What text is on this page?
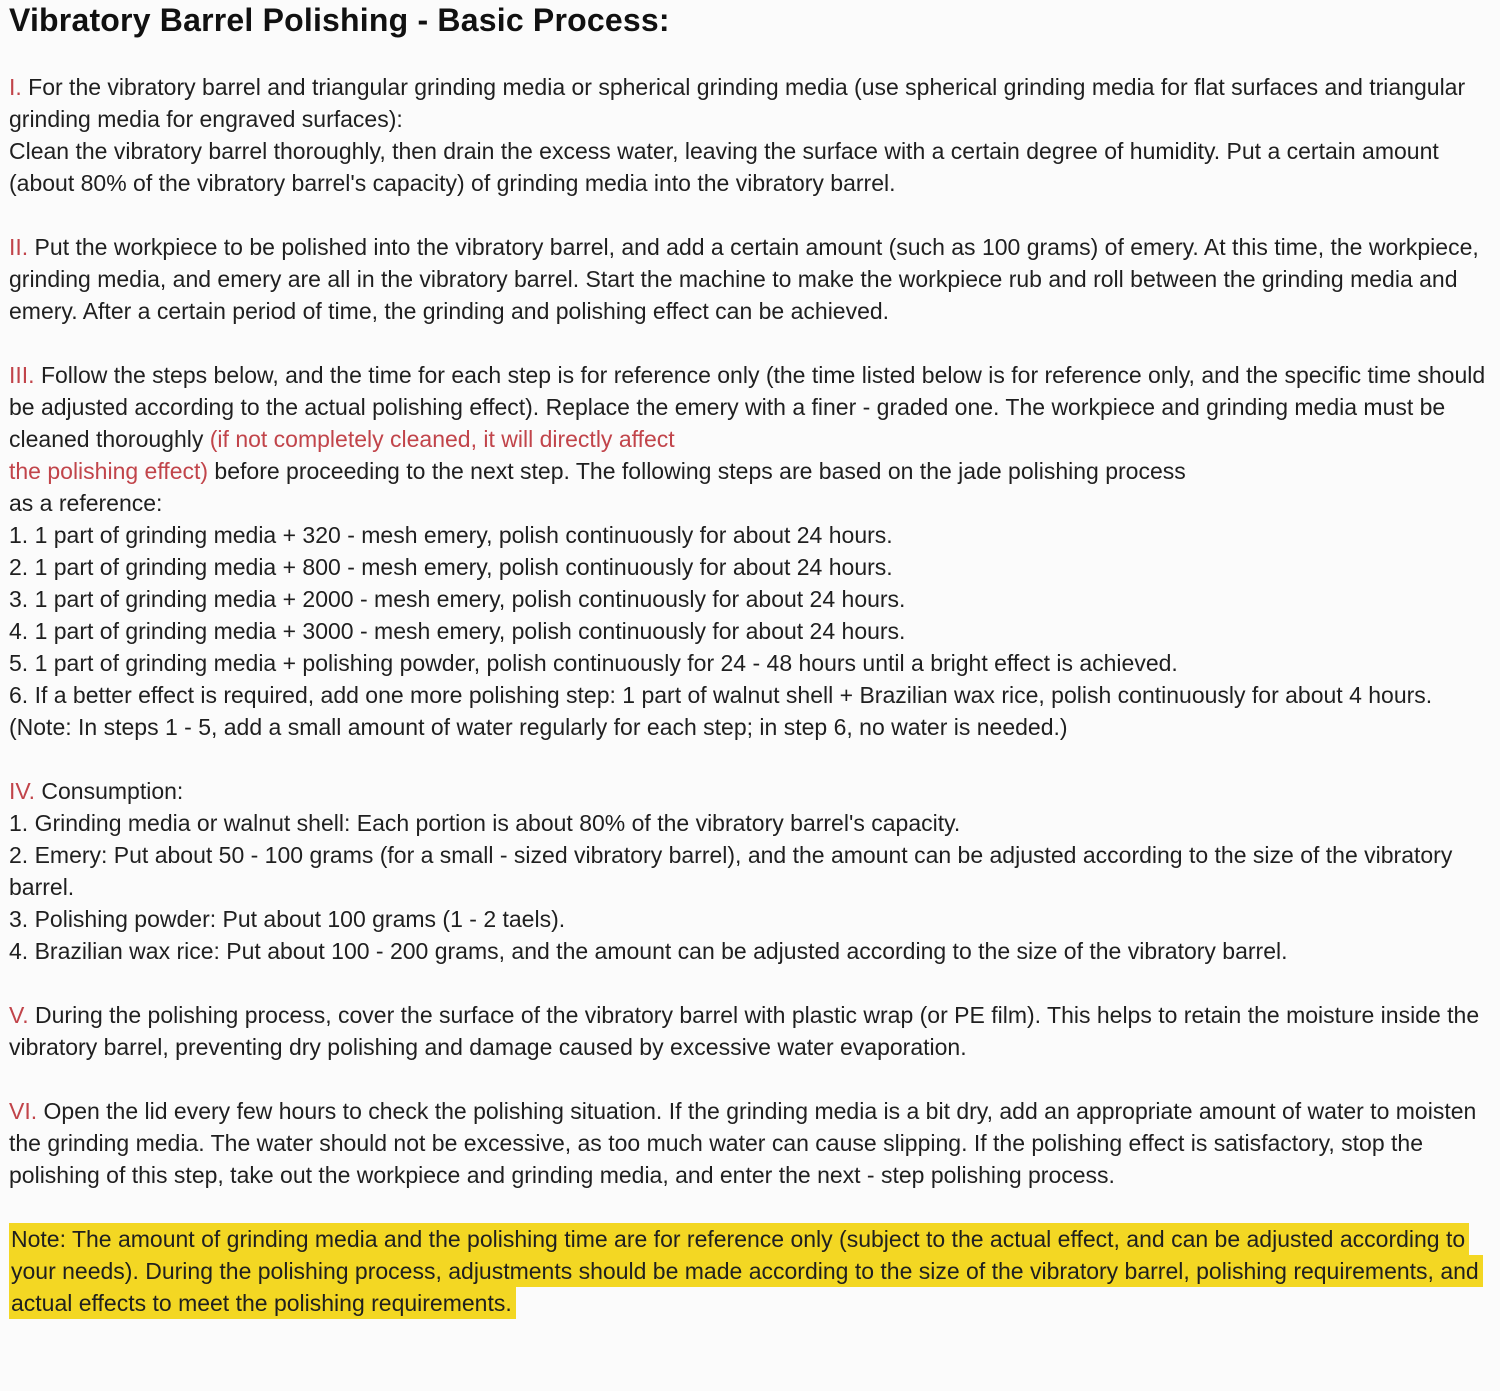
Vibratory Barrel Polishing - Basic Process:

I. For the vibratory barrel and triangular grinding media or spherical grinding media (use spherical grinding media for flat surfaces and triangular grinding media for engraved surfaces):

Clean the vibratory barrel thoroughly, then drain the excess water, leaving the surface with a certain degree of humidity. Put a certain amount (about 80% of the vibratory barrel's capacity) of grinding media into the vibratory barrel.

II. Put the workpiece to be polished into the vibratory barrel, and add a certain amount (such as 100 grams) of emery. At this time, the workpiece, grinding media, and emery are all in the vibratory barrel. Start the machine to make the workpiece rub and roll between the grinding media and emery. After a certain period of time, the grinding and polishing effect can be achieved.

III. Follow the steps below, and the time for each step is for reference only (the time listed below is for reference only, and the specific time should be adjusted according to the actual polishing effect). Replace the emery with a finer - graded one. The workpiece and grinding media must be cleaned thoroughly (if not completely cleaned, it will directly affect
the polishing effect) before proceeding to the next step. The following steps are based on the jade polishing process
as a reference:

1. 1 part of grinding media + 320 - mesh emery, polish continuously for about 24 hours.

2. 1 part of grinding media + 800 - mesh emery, polish continuously for about 24 hours.

3. 1 part of grinding media + 2000 - mesh emery, polish continuously for about 24 hours.

4. 1 part of grinding media + 3000 - mesh emery, polish continuously for about 24 hours.

5. 1 part of grinding media + polishing powder, polish continuously for 24 - 48 hours until a bright effect is achieved.

6. If a better effect is required, add one more polishing step: 1 part of walnut shell + Brazilian wax rice, polish continuously for about 4 hours. (Note: In steps 1 - 5, add a small amount of water regularly for each step; in step 6, no water is needed.)

IV. Consumption:

1. Grinding media or walnut shell: Each portion is about 80% of the vibratory barrel's capacity.

2. Emery: Put about 50 - 100 grams (for a small - sized vibratory barrel), and the amount can be adjusted according to the size of the vibratory barrel.

3. Polishing powder: Put about 100 grams (1 - 2 taels).

4. Brazilian wax rice: Put about 100 - 200 grams, and the amount can be adjusted according to the size of the vibratory barrel.

V. During the polishing process, cover the surface of the vibratory barrel with plastic wrap (or PE film). This helps to retain the moisture inside the vibratory barrel, preventing dry polishing and damage caused by excessive water evaporation.

VI. Open the lid every few hours to check the polishing situation. If the grinding media is a bit dry, add an appropriate amount of water to moisten the grinding media. The water should not be excessive, as too much water can cause slipping. If the polishing effect is satisfactory, stop the polishing of this step, take out the workpiece and grinding media, and enter the next - step polishing process.

Note: The amount of grinding media and the polishing time are for reference only (subject to the actual effect, and can be adjusted according to your needs). During the polishing process, adjustments should be made according to the size of the vibratory barrel, polishing requirements, and actual effects to meet the polishing requirements.
